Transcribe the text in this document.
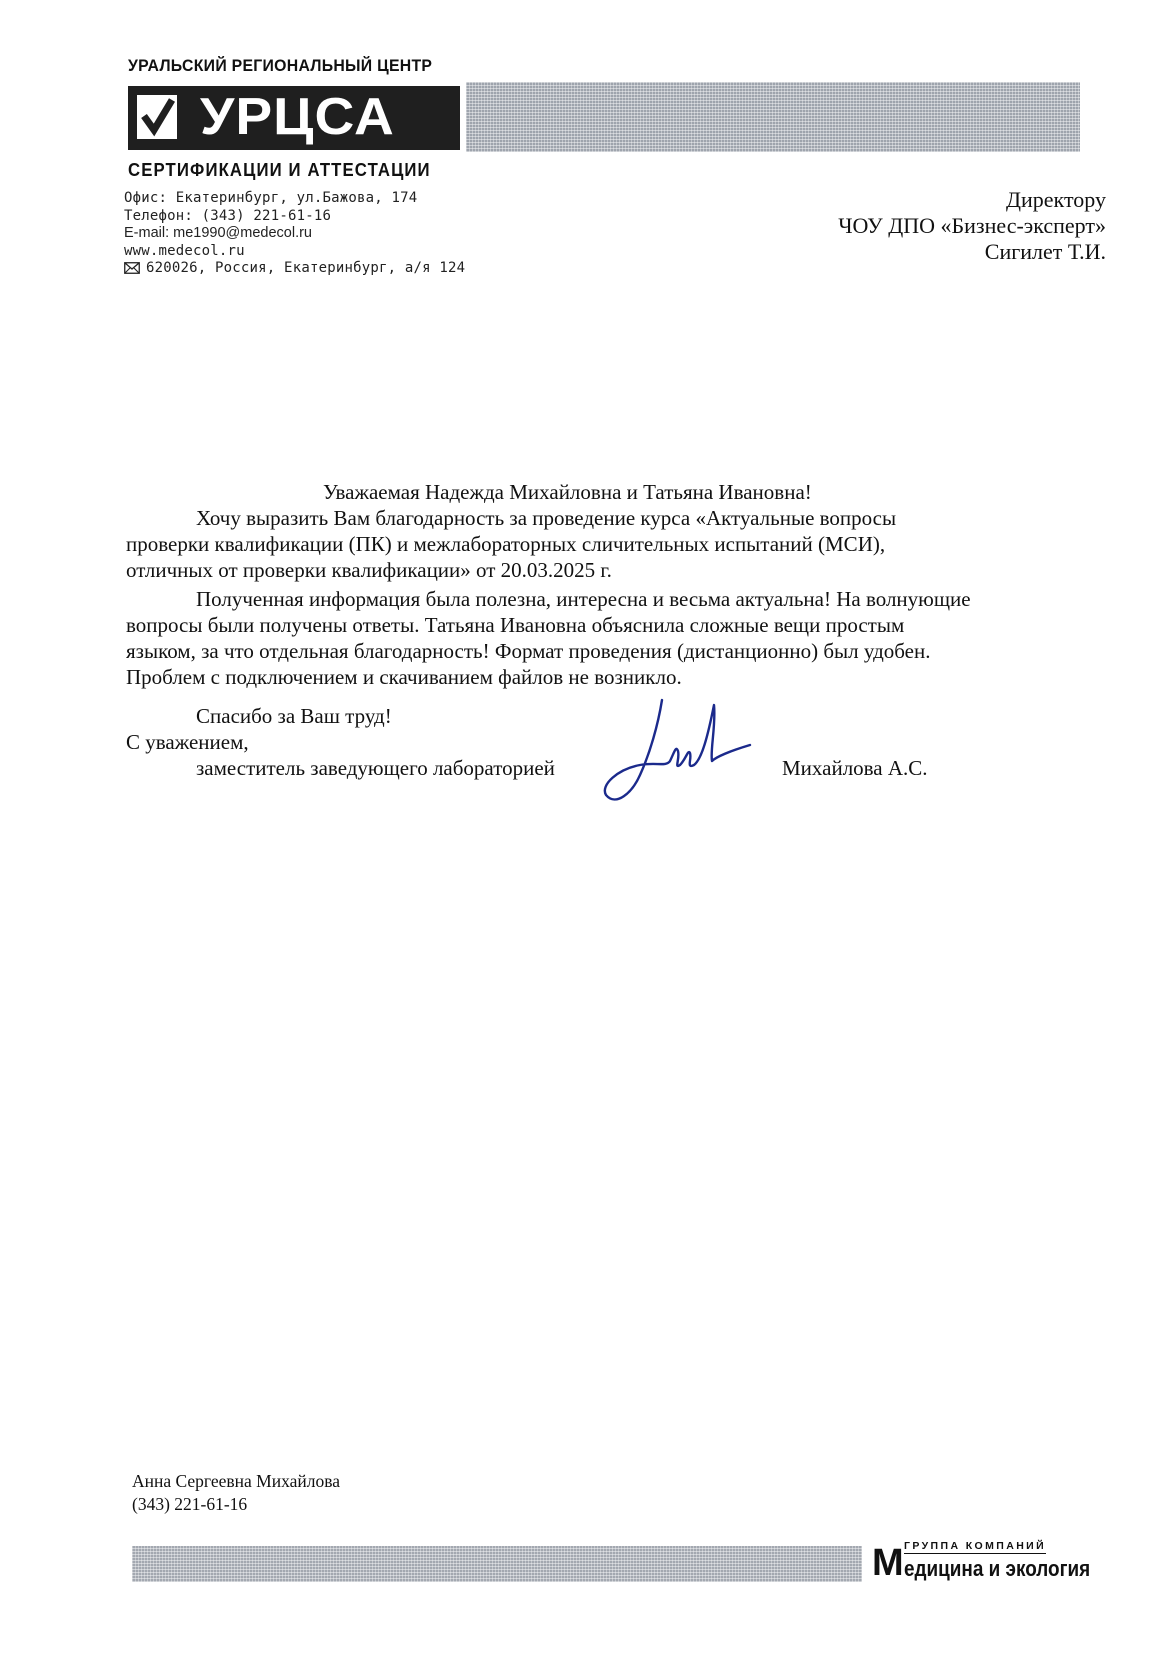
УРАЛЬСКИЙ РЕГИОНАЛЬНЫЙ ЦЕНТР
УРЦСА
СЕРТИФИКАЦИИ И АТТЕСТАЦИИ
Офис: Екатеринбург, ул.Бажова, 174
Телефон: (343) 221-61-16
E-mail: me1990@medecol.ru
www.medecol.ru
620026, Россия, Екатеринбург, а/я 124
Директору
ЧОУ ДПО «Бизнес-эксперт»
Сигилет Т.И.
Уважаемая Надежда Михайловна и Татьяна Ивановна!
Хочу выразить Вам благодарность за проведение курса «Актуальные вопросы
проверки квалификации (ПК) и межлабораторных сличительных испытаний (МСИ),
отличных от проверки квалификации» от 20.03.2025 г.
Полученная информация была полезна, интересна и весьма актуальна! На волнующие
вопросы были получены ответы. Татьяна Ивановна объяснила сложные вещи простым
языком, за что отдельная благодарность! Формат проведения (дистанционно) был удобен.
Проблем с подключением и скачиванием файлов не возникло.
Спасибо за Ваш труд!
С уважением,
заместитель заведующего лабораторией	Михайлова А.С.
Анна Сергеевна Михайлова
(343) 221-61-16
М ГРУППА КОМПАНИЙ
едицина и экология
